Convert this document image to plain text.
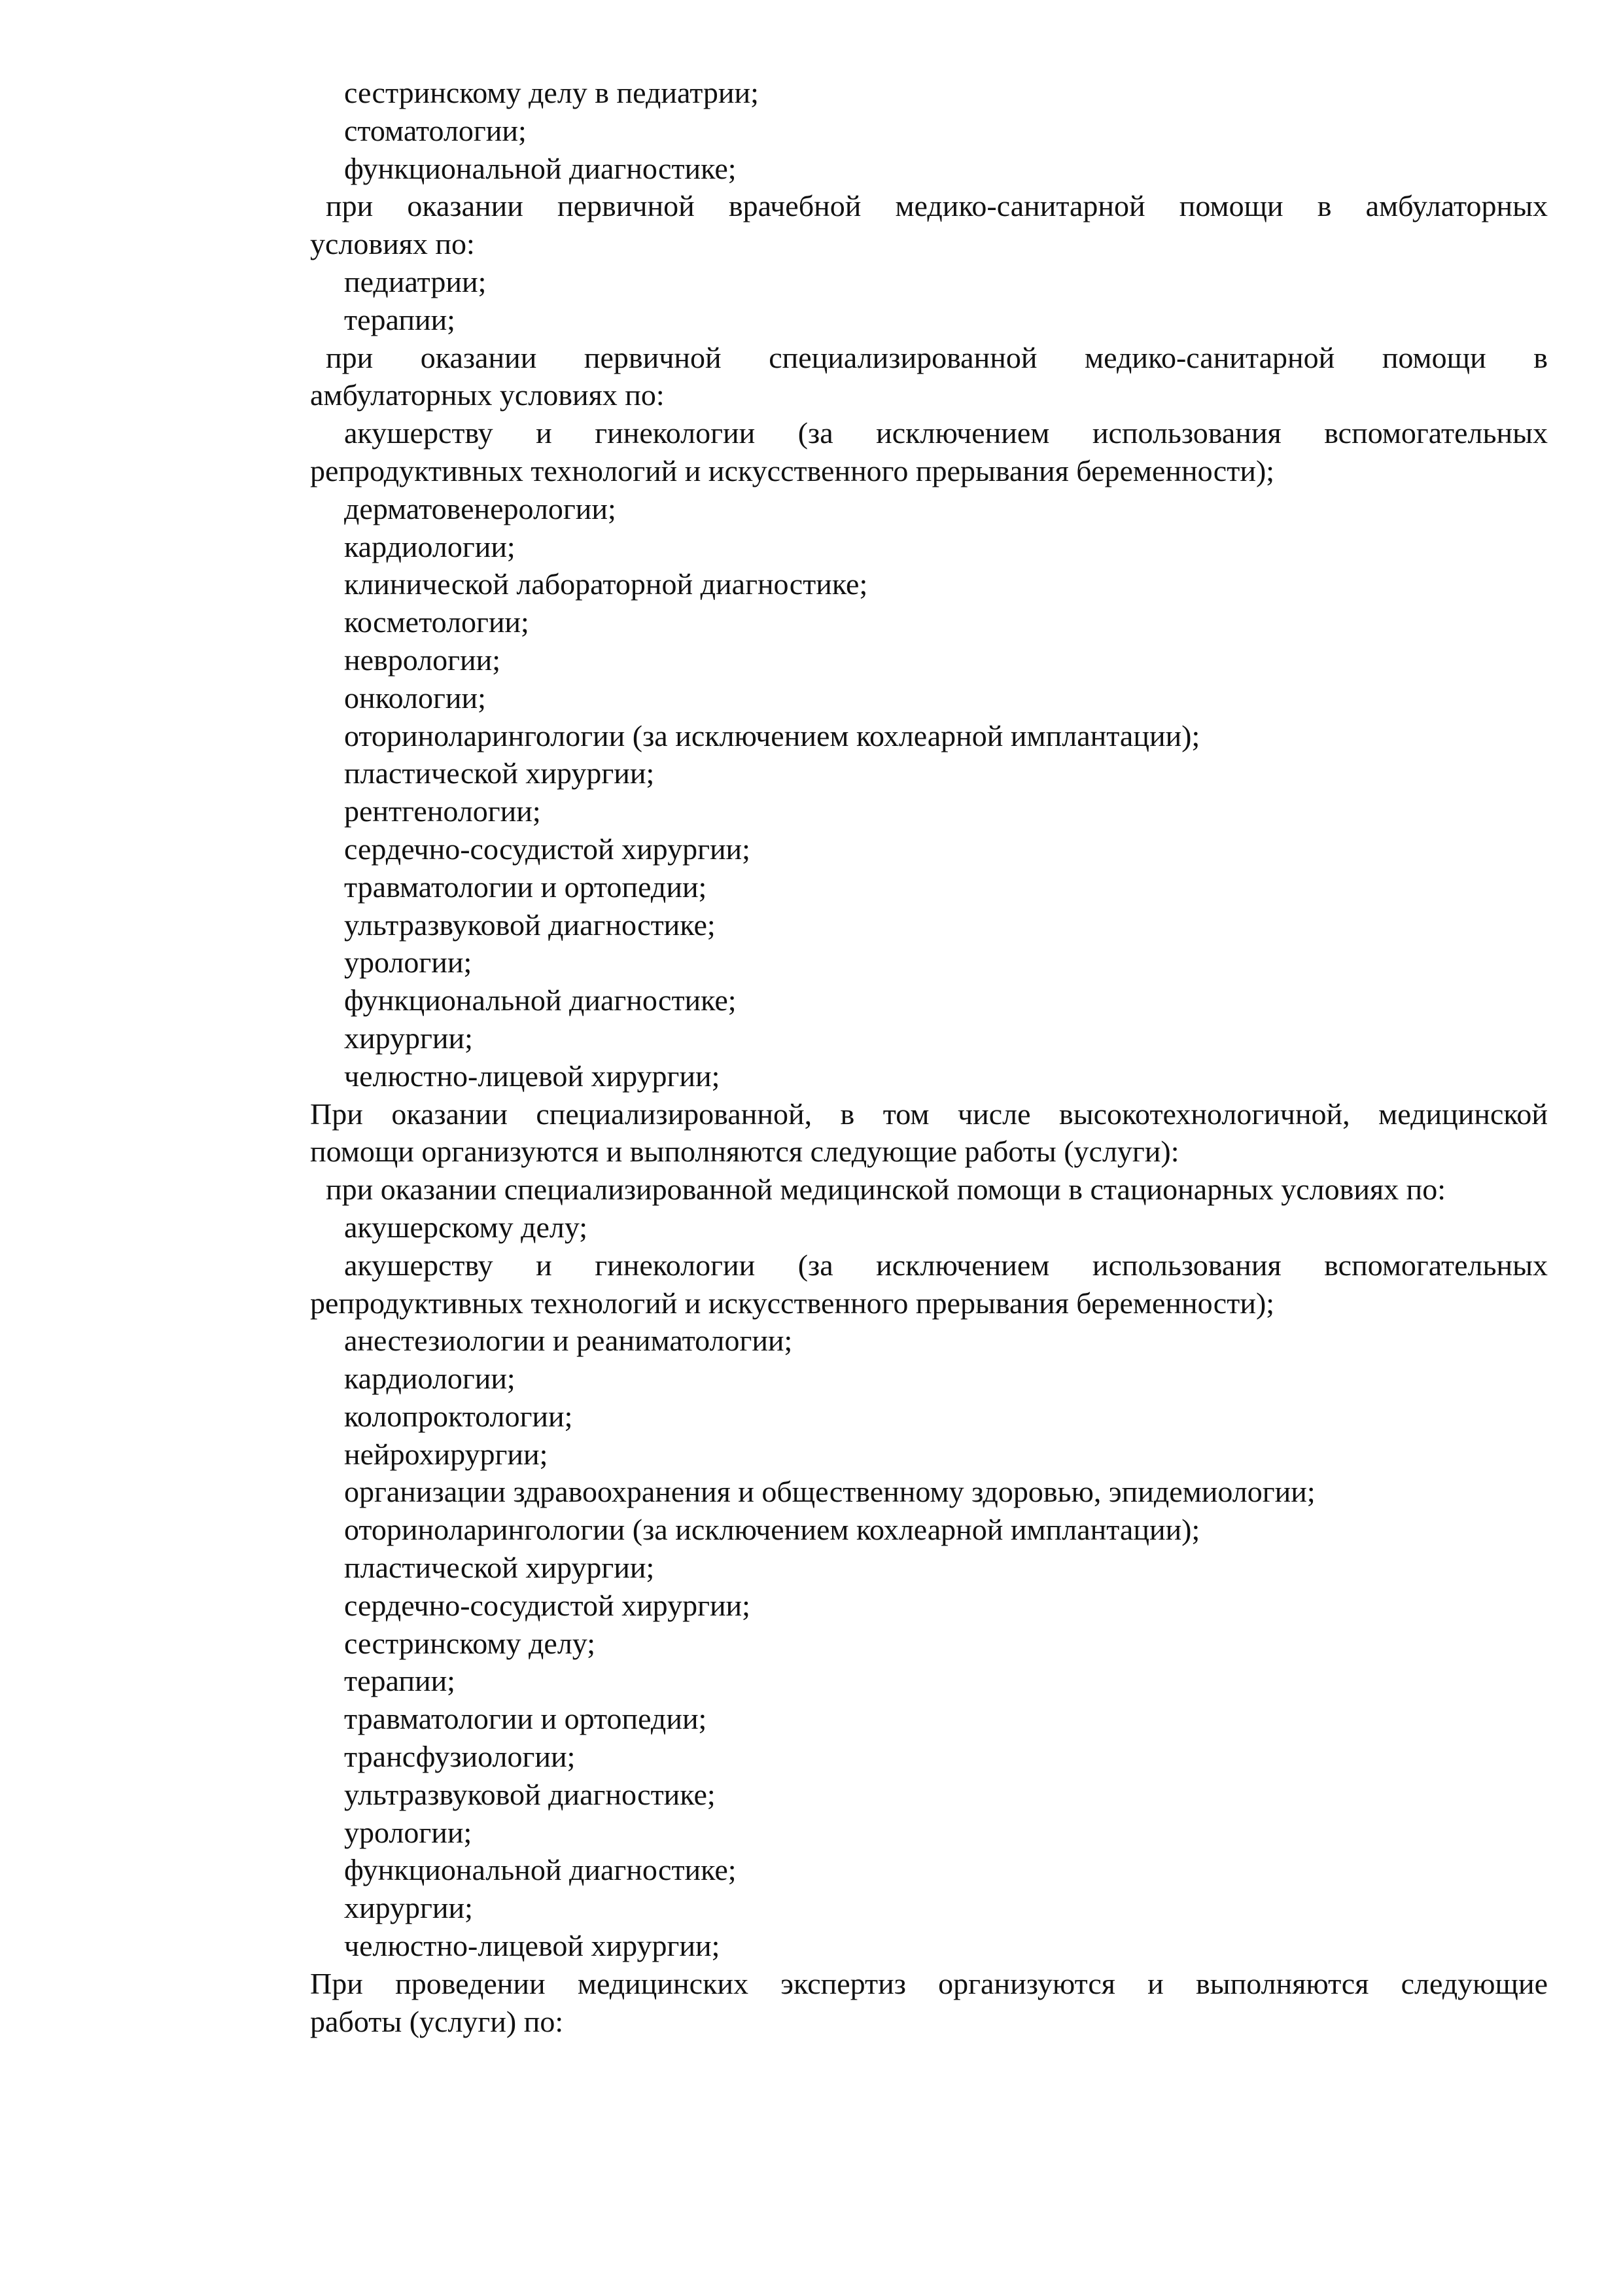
сестринскому делу в педиатрии;
стоматологии;
функциональной диагностике;
при оказании первичной врачебной медико-санитарной помощи в амбулаторных
условиях по:
педиатрии;
терапии;
при оказании первичной специализированной медико-санитарной помощи в
амбулаторных условиях по:
акушерству и гинекологии (за исключением использования вспомогательных
репродуктивных технологий и искусственного прерывания беременности);
дерматовенерологии;
кардиологии;
клинической лабораторной диагностике;
косметологии;
неврологии;
онкологии;
оториноларингологии (за исключением кохлеарной имплантации);
пластической хирургии;
рентгенологии;
сердечно-сосудистой хирургии;
травматологии и ортопедии;
ультразвуковой диагностике;
урологии;
функциональной диагностике;
хирургии;
челюстно-лицевой хирургии;
При оказании специализированной, в том числе высокотехнологичной, медицинской
помощи организуются и выполняются следующие работы (услуги):
при оказании специализированной медицинской помощи в стационарных условиях по:
акушерскому делу;
акушерству и гинекологии (за исключением использования вспомогательных
репродуктивных технологий и искусственного прерывания беременности);
анестезиологии и реаниматологии;
кардиологии;
колопроктологии;
нейрохирургии;
организации здравоохранения и общественному здоровью, эпидемиологии;
оториноларингологии (за исключением кохлеарной имплантации);
пластической хирургии;
сердечно-сосудистой хирургии;
сестринскому делу;
терапии;
травматологии и ортопедии;
трансфузиологии;
ультразвуковой диагностике;
урологии;
функциональной диагностике;
хирургии;
челюстно-лицевой хирургии;
При проведении медицинских экспертиз организуются и выполняются следующие
работы (услуги) по:
